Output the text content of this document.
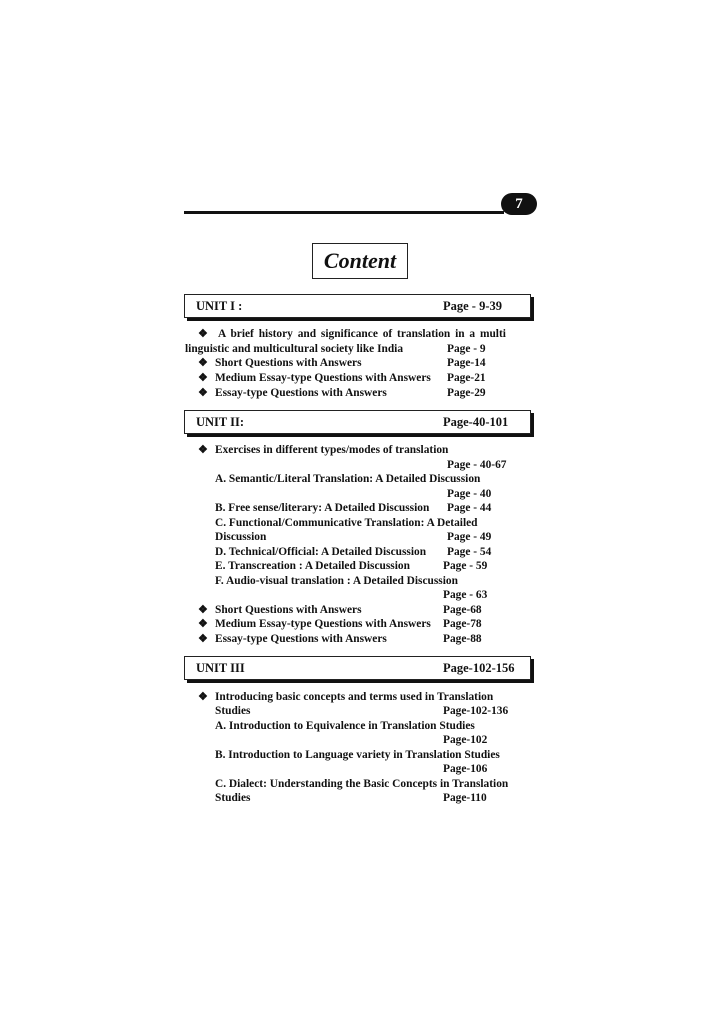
7
Content
UNIT I :	Page - 9-39
❖ A brief history and significance of translation in a multi
linguistic and multicultural society like India	Page - 9
❖ Short Questions with Answers	Page-14
❖ Medium Essay-type Questions with Answers Page-21
❖ Essay-type Questions with Answers	Page-29
UNIT II:	Page-40-101
❖ Exercises in different types/modes of translation
Page - 40-67
A. Semantic/Literal Translation: A Detailed Discussion
Page - 40
B. Free sense/literary: A Detailed Discussion Page - 44
C. Functional/Communicative Translation: A Detailed
Discussion	Page - 49
D. Technical/Official: A Detailed Discussion Page - 54
E. Transcreation : A Detailed Discussion	Page - 59
F. Audio-visual translation : A Detailed Discussion
Page - 63
❖ Short Questions with Answers	Page-68
❖ Medium Essay-type Questions with Answers Page-78
❖ Essay-type Questions with Answers	Page-88
UNIT III	Page-102-156
❖ Introducing basic concepts and terms used in Translation
Studies	Page-102-136
A. Introduction to Equivalence in Translation Studies
Page-102
B. Introduction to Language variety in Translation Studies
Page-106
C. Dialect: Understanding the Basic Concepts in Translation
Studies	Page-110
